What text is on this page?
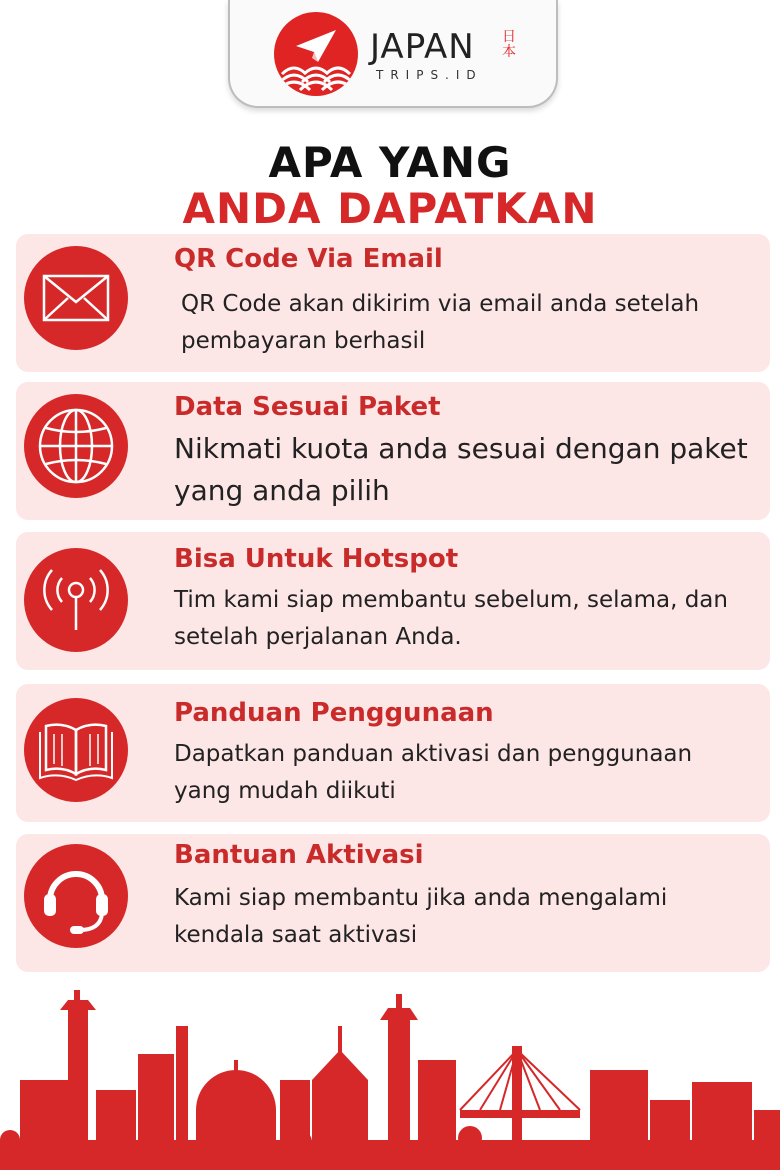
JAPAN
TRIPS.ID
日本
APA YANG
ANDA DAPATKAN
QR Code Via Email
QR Code akan dikirim via email anda setelah pembayaran berhasil
Data Sesuai Paket
Nikmati kuota anda sesuai dengan paket yang anda pilih
Bisa Untuk Hotspot
Tim kami siap membantu sebelum, selama, dan setelah perjalanan Anda.
Panduan Penggunaan
Dapatkan panduan aktivasi dan penggunaan yang mudah diikuti
Bantuan Aktivasi
Kami siap membantu jika anda mengalami kendala saat aktivasi
